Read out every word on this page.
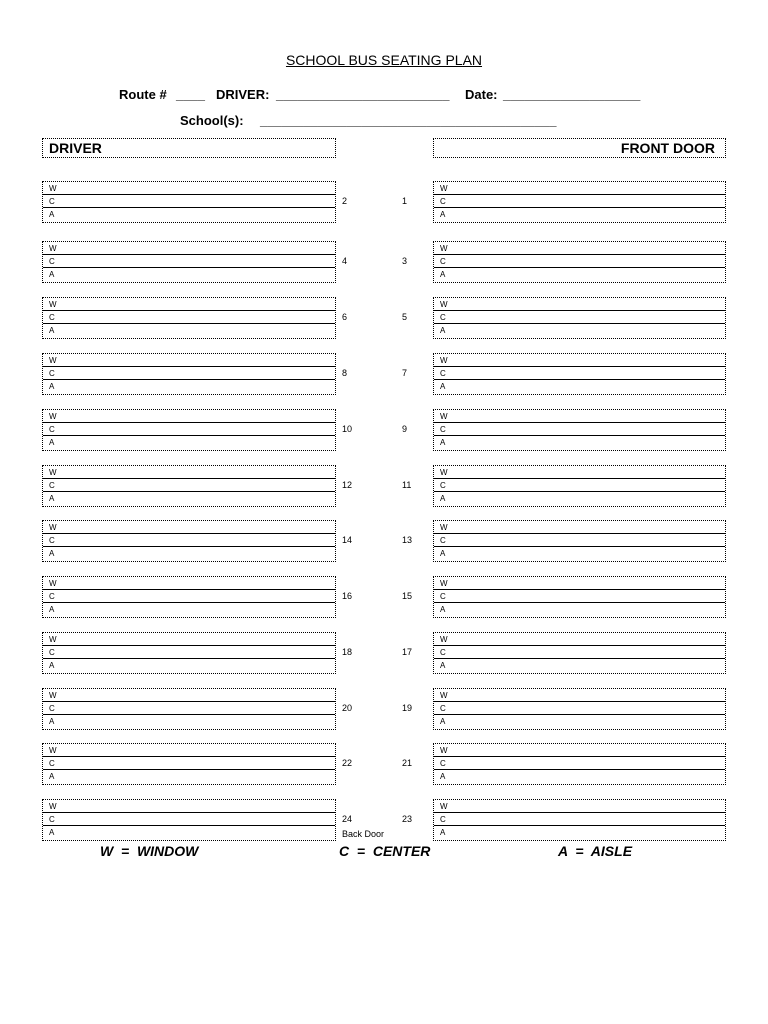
SCHOOL BUS SEATING PLAN
Route # ____ DRIVER: ________________________ Date: ___________________
School(s): _________________________________________
DRIVER	FRONT DOOR
W
C
A
2
W
C
A
1
W
C
A
4
W
C
A
3
W
C
A
6
W
C
A
5
W
C
A
8
W
C
A
7
W
C
A
10
W
C
A
9
W
C
A
12
W
C
A
11
W
C
A
14
W
C
A
13
W
C
A
16
W
C
A
15
W
C
A
18
W
C
A
17
W
C
A
20
W
C
A
19
W
C
A
22
W
C
A
21
W
C
A
24
W
C
A
23
Back Door
W  =  WINDOW	C  =  CENTER	A  =  AISLE
